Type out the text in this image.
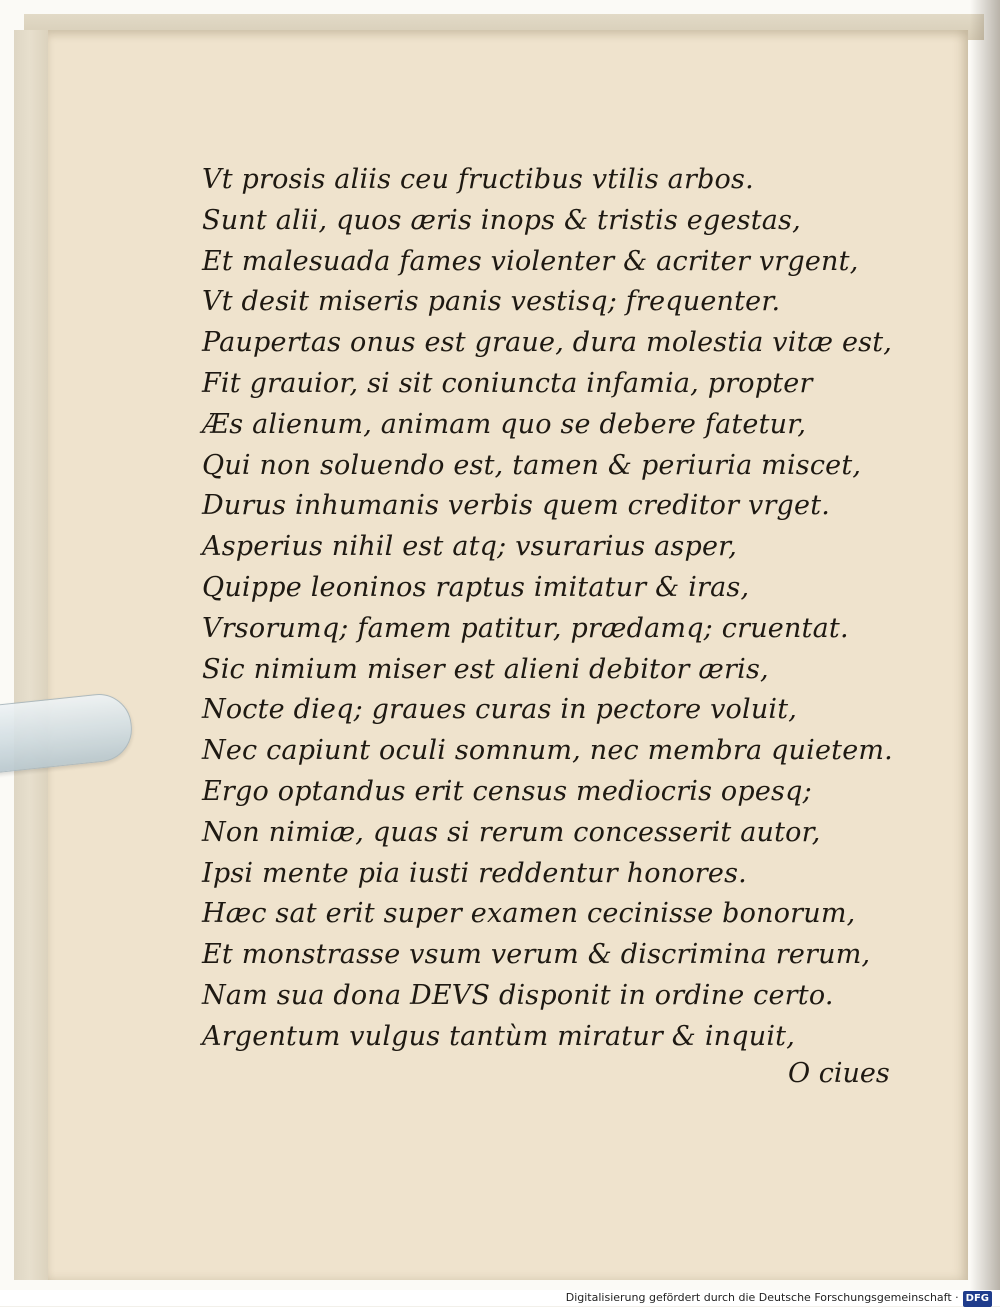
Vt prosis aliis ceu fructibus vtilis arbos.
Sunt alii, quos æris inops & tristis egestas,
Et malesuada fames violenter & acriter vrgent,
Vt desit miseris panis vestisq; frequenter.
Paupertas onus est graue, dura molestia vitæ est,
Fit grauior, si sit coniuncta infamia, propter
Æs alienum, animam quo se debere fatetur,
Qui non soluendo est, tamen & periuria miscet,
Durus inhumanis verbis quem creditor vrget.
Asperius nihil est atq; vsurarius asper,
Quippe leoninos raptus imitatur & iras,
Vrsorumq; famem patitur, prædamq; cruentat.
Sic nimium miser est alieni debitor æris,
Nocte dieq; graues curas in pectore voluit,
Nec capiunt oculi somnum, nec membra quietem.
Ergo optandus erit census mediocris opesq;
Non nimiæ, quas si rerum concesserit autor,
Ipsi mente pia iusti reddentur honores.
Hæc sat erit super examen cecinisse bonorum,
Et monstrasse vsum verum & discrimina rerum,
Nam sua dona DEVS disponit in ordine certo.
Argentum vulgus tantùm miratur & inquit,
O ciues
Digitalisierung gefördert durch die Deutsche Forschungsgemeinschaft · DFG
